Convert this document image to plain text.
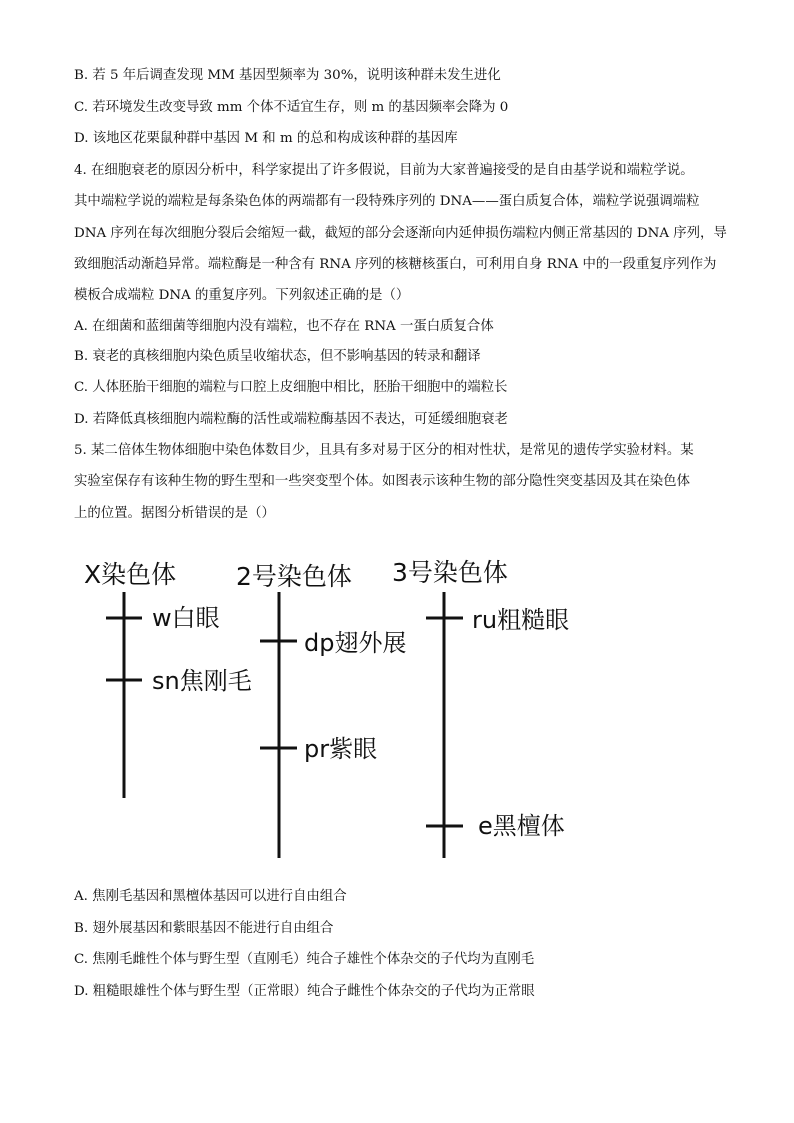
B. 若 5 年后调查发现 MM 基因型频率为 30%，说明该种群未发生进化
C. 若环境发生改变导致 mm 个体不适宜生存，则 m 的基因频率会降为 0
D. 该地区花栗鼠种群中基因 M 和 m 的总和构成该种群的基因库
4. 在细胞衰老的原因分析中，科学家提出了许多假说，目前为大家普遍接受的是自由基学说和端粒学说。
其中端粒学说的端粒是每条染色体的两端都有一段特殊序列的 DNA——蛋白质复合体，端粒学说强调端粒
DNA 序列在每次细胞分裂后会缩短一截，截短的部分会逐渐向内延伸损伤端粒内侧正常基因的 DNA 序列，导
致细胞活动渐趋异常。端粒酶是一种含有 RNA 序列的核糖核蛋白，可利用自身 RNA 中的一段重复序列作为
模板合成端粒 DNA 的重复序列。下列叙述正确的是（）
A. 在细菌和蓝细菌等细胞内没有端粒，也不存在 RNA 一蛋白质复合体
B. 衰老的真核细胞内染色质呈收缩状态，但不影响基因的转录和翻译
C. 人体胚胎干细胞的端粒与口腔上皮细胞中相比，胚胎干细胞中的端粒长
D. 若降低真核细胞内端粒酶的活性或端粒酶基因不表达，可延缓细胞衰老
5. 某二倍体生物体细胞中染色体数目少，且具有多对易于区分的相对性状，是常见的遗传学实验材料。某
实验室保存有该种生物的野生型和一些突变型个体。如图表示该种生物的部分隐性突变基因及其在染色体
上的位置。据图分析错误的是（）
X染色体
w白眼
sn焦刚毛
2号染色体
dp翅外展
pr紫眼
3号染色体
ru粗糙眼
e黑檀体
A. 焦刚毛基因和黑檀体基因可以进行自由组合
B. 翅外展基因和紫眼基因不能进行自由组合
C. 焦刚毛雌性个体与野生型（直刚毛）纯合子雄性个体杂交的子代均为直刚毛
D. 粗糙眼雄性个体与野生型（正常眼）纯合子雌性个体杂交的子代均为正常眼
